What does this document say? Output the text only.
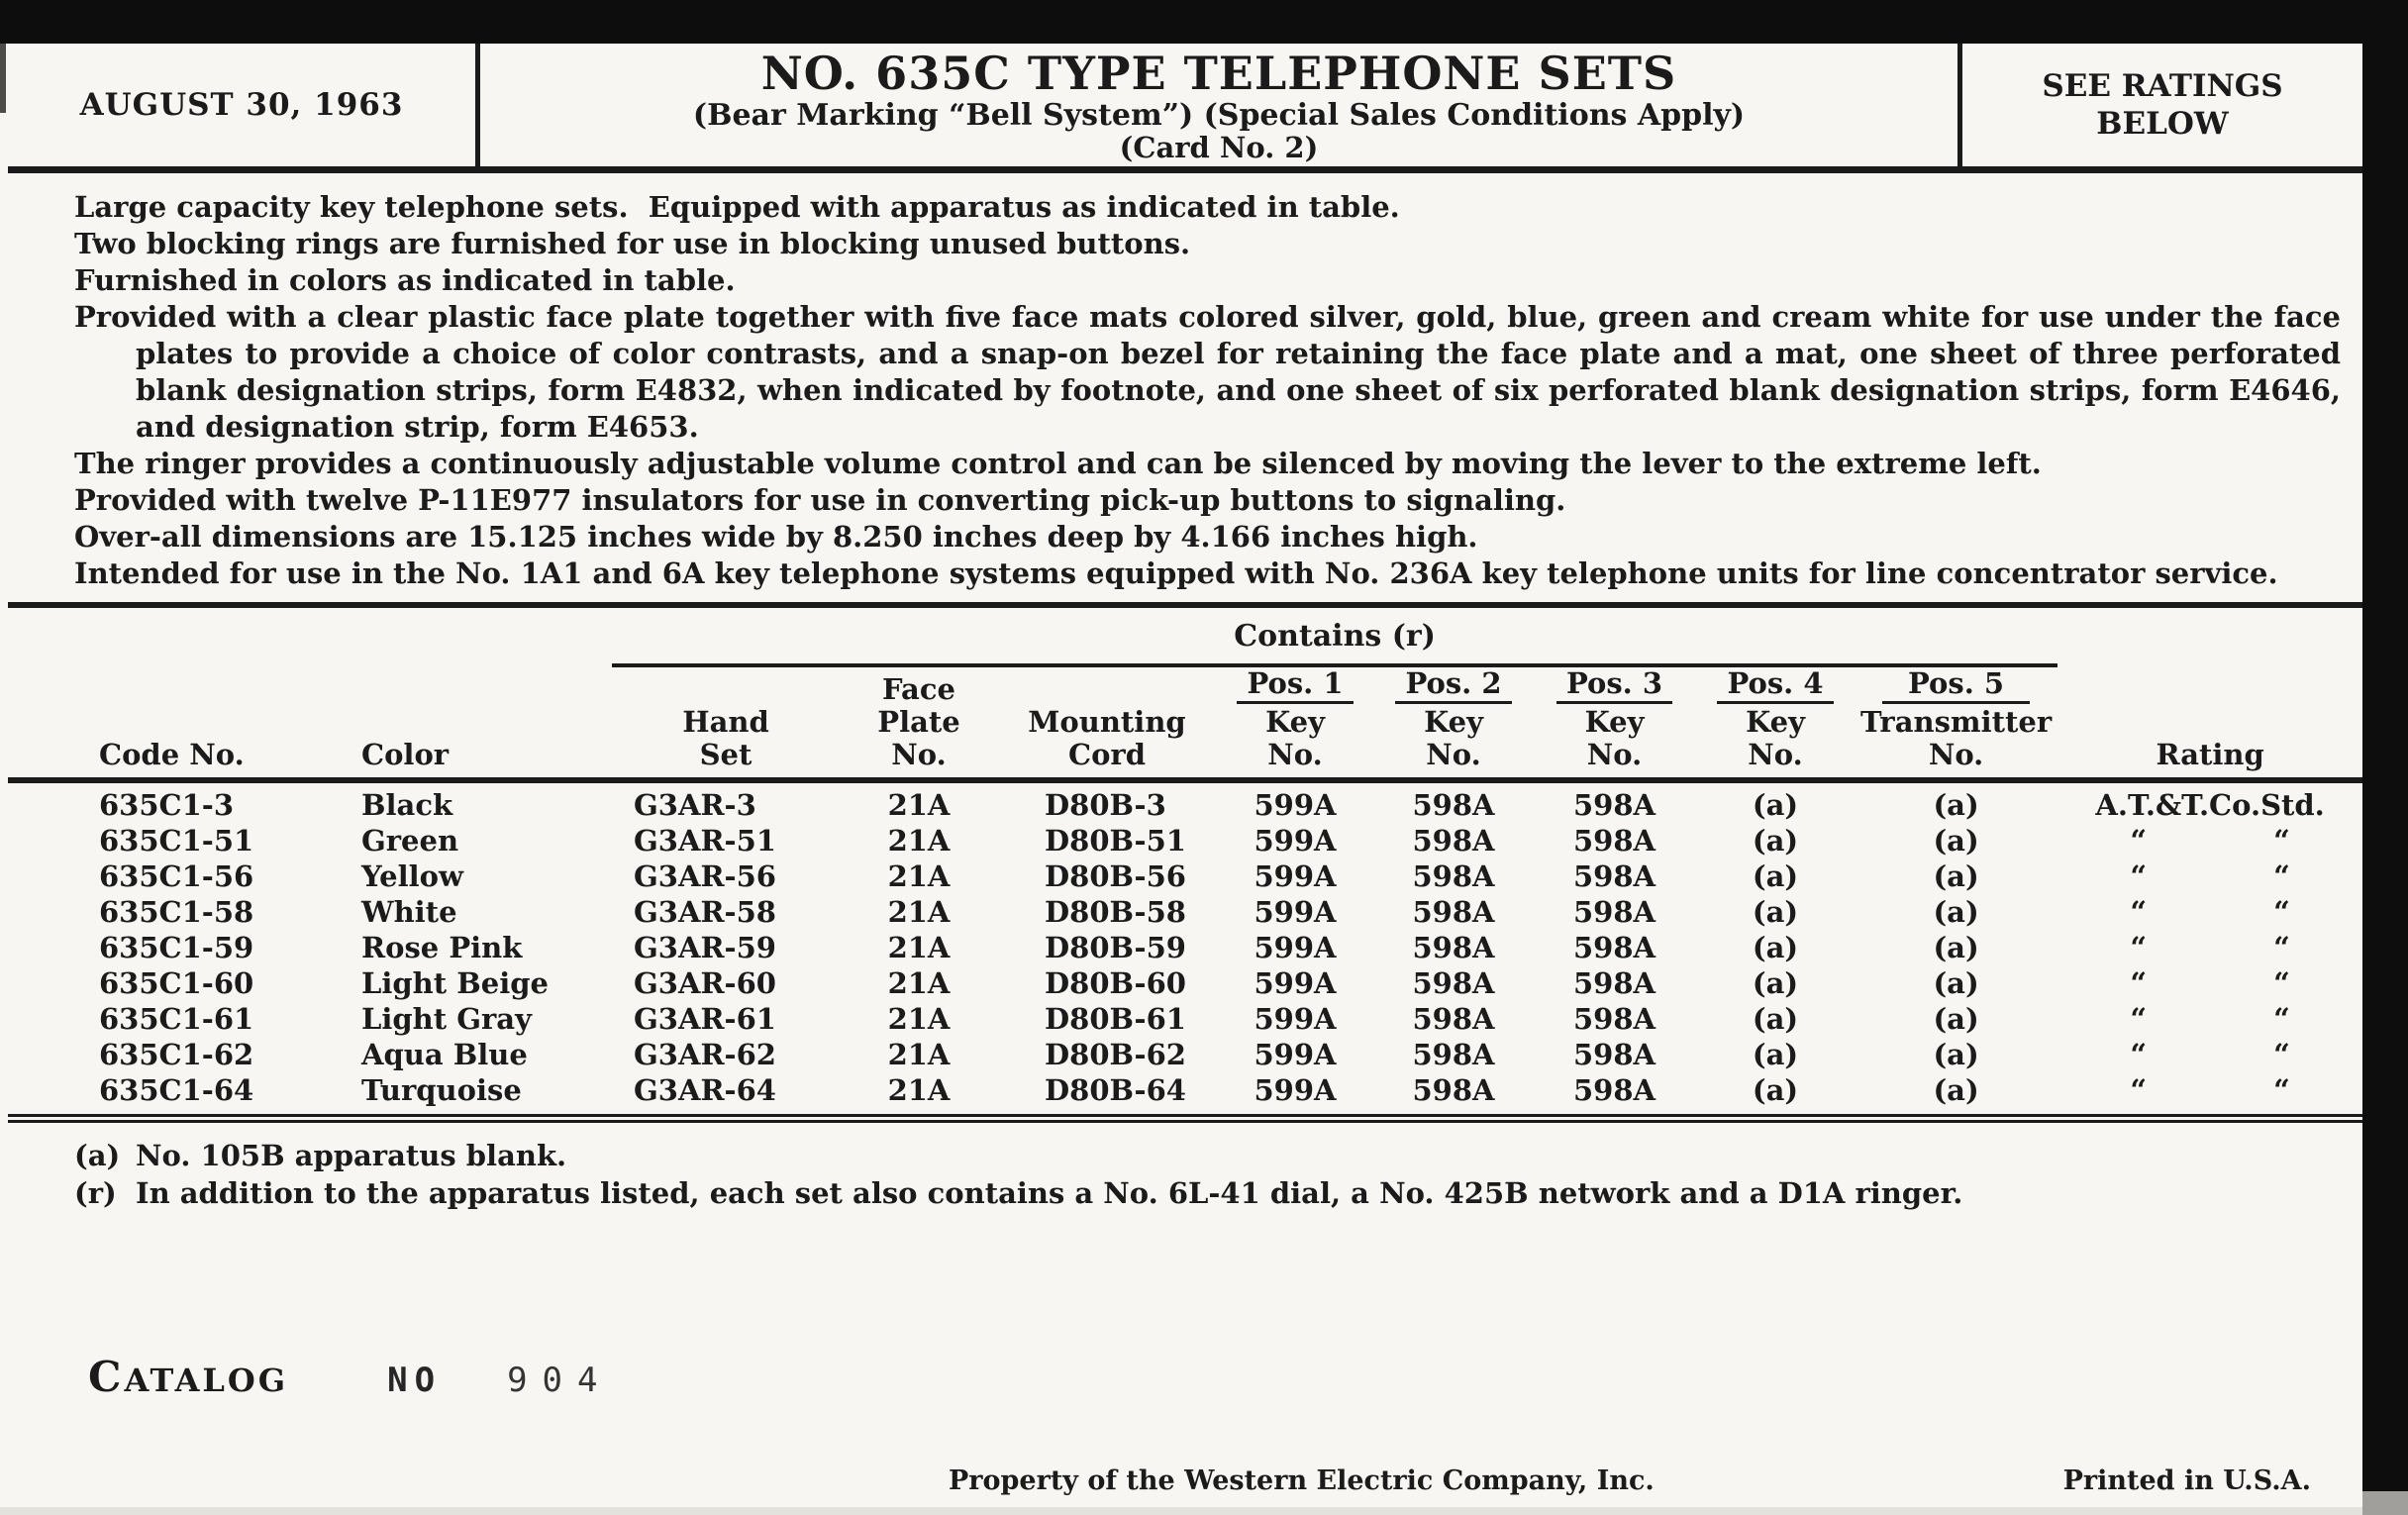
AUGUST 30, 1963
NO. 635C TYPE TELEPHONE SETS
(Bear Marking “Bell System”) (Special Sales Conditions Apply)
(Card No. 2)
SEE RATINGS
BELOW
Large capacity key telephone sets.  Equipped with apparatus as indicated in table.
Two blocking rings are furnished for use in blocking unused buttons.
Furnished in colors as indicated in table.
Provided with a clear plastic face plate together with five face mats colored silver, gold, blue, green and cream white for use under the face plates to provide a choice of color contrasts, and a snap-on bezel for retaining the face plate and a mat, one sheet of three perforated blank designation strips, form E4832, when indicated by footnote, and one sheet of six perforated blank designation strips, form E4646, and designation strip, form E4653.
The ringer provides a continuously adjustable volume control and can be silenced by moving the lever to the extreme left.
Provided with twelve P-11E977 insulators for use in converting pick-up buttons to signaling.
Over-all dimensions are 15.125 inches wide by 8.250 inches deep by 4.166 inches high.
Intended for use in the No. 1A1 and 6A key telephone systems equipped with No. 236A key telephone units for line concentrator service.
		Contains (r)								
Code No.	Color	
Hand
Set

Face
Plate
No.

Mounting
Cord
	Pos. 1
Key
No.
	Pos. 2
Key
No.
	Pos. 3
Key
No.
	Pos. 4
Key
No.
	Pos. 5
Transmitter
No.	Rating
635C1-3	Black	G3AR-3	21A	D80B-3	599A	598A	598A	(a)	(a)	A.T.&T.Co.Std.
635C1-51	Green	G3AR-51	21A	D80B-51	599A	598A	598A	(a)	(a)	“ “
635C1-56	Yellow	G3AR-56	21A	D80B-56	599A	598A	598A	(a)	(a)	“ “
635C1-58	White	G3AR-58	21A	D80B-58	599A	598A	598A	(a)	(a)	“ “
635C1-59	Rose Pink	G3AR-59	21A	D80B-59	599A	598A	598A	(a)	(a)	“ “
635C1-60	Light Beige	G3AR-60	21A	D80B-60	599A	598A	598A	(a)	(a)	“ “
635C1-61	Light Gray	G3AR-61	21A	D80B-61	599A	598A	598A	(a)	(a)	“ “
635C1-62	Aqua Blue	G3AR-62	21A	D80B-62	599A	598A	598A	(a)	(a)	“ “
635C1-64	Turquoise	G3AR-64	21A	D80B-64	599A	598A	598A	(a)	(a)	“ “
(a) No. 105B apparatus blank.
(r) In addition to the apparatus listed, each set also contains a No. 6L-41 dial, a No. 425B network and a D1A ringer.
CATALOG	NO 904
Property of the Western Electric Company, Inc.	Printed in U.S.A.
